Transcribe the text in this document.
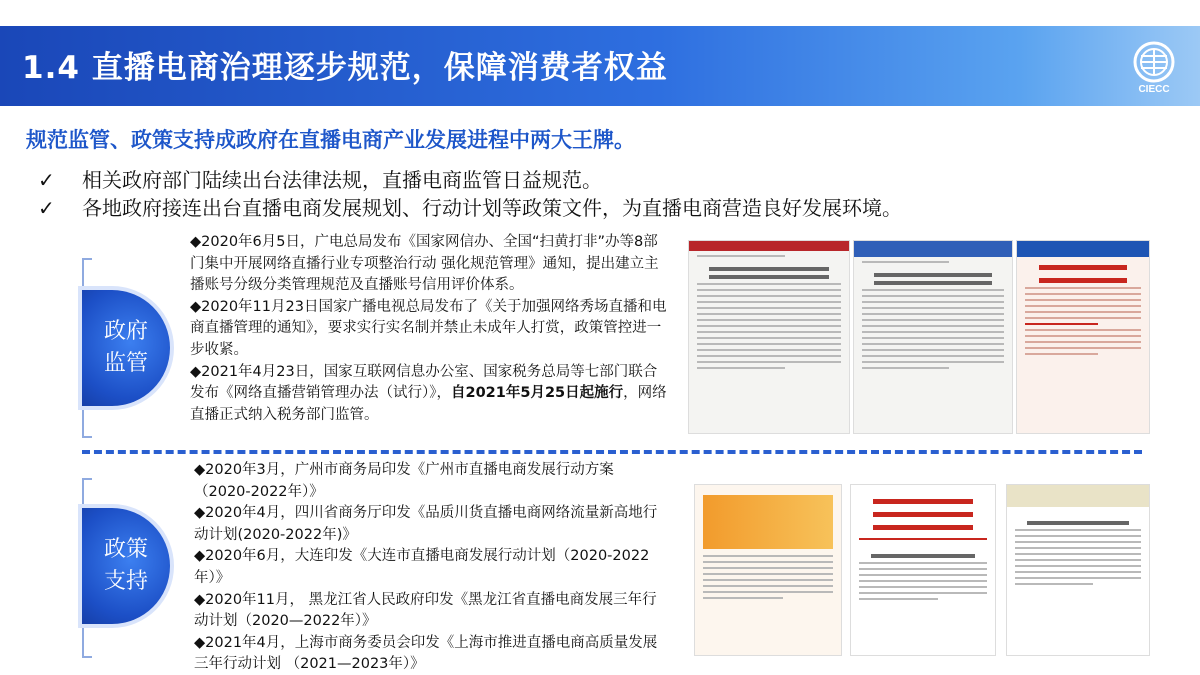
1.4 直播电商治理逐步规范，保障消费者权益
CIECC
规范监管、政策支持成政府在直播电商产业发展进程中两大王牌。
✓ 相关政府部门陆续出台法律法规，直播电商监管日益规范。
✓ 各地政府接连出台直播电商发展规划、行动计划等政策文件，为直播电商营造良好发展环境。
政府
监管

◆2020年6月5日，广电总局发布《国家网信办、全国“扫黄打非”办等8部门集中开展网络直播行业专项整治行动 强化规范管理》通知，提出建立主播账号分级分类管理规范及直播账号信用评价体系。

◆2020年11月23日国家广播电视总局发布了《关于加强网络秀场直播和电商直播管理的通知》，要求实行实名制并禁止未成年人打赏，政策管控进一步收紧。

◆2021年4月23日，国家互联网信息办公室、国家税务总局等七部门联合发布《网络直播营销管理办法（试行）》，自2021年5月25日起施行，网络直播正式纳入税务部门监管。

政策
支持

◆2020年3月，广州市商务局印发《广州市直播电商发展行动方案（2020-2022年）》

◆2020年4月，四川省商务厅印发《品质川货直播电商网络流量新高地行动计划(2020-2022年)》

◆2020年6月，大连印发《大连市直播电商发展行动计划（2020-2022年）》

◆2020年11月， 黑龙江省人民政府印发《黑龙江省直播电商发展三年行动计划（2020—2022年）》

◆2021年4月，上海市商务委员会印发《上海市推进直播电商高质量发展三年行动计划 （2021—2023年）》
